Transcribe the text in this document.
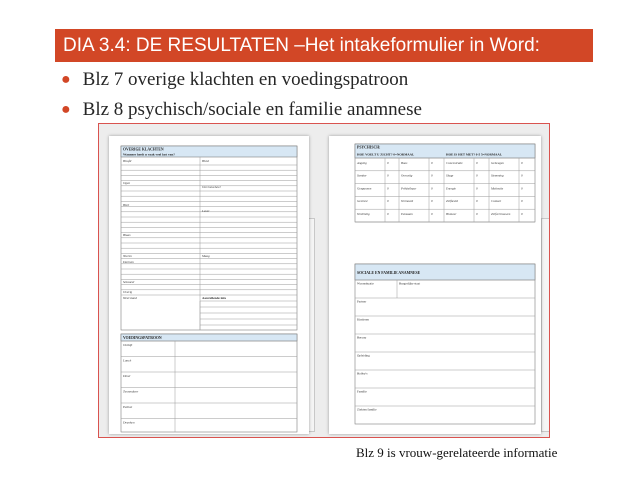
DIA 3.4: DE RESULTATEN –Het intakeformulier in Word:
● Blz 7 overige klachten en voedingspatroon
● Blz 8 psychisch/sociale en familie anamnese
OVERIGE KLACHTEN
Wanneer heeft u vaak veel last van?
Hoofd	Huid
Ogen
Oor/neus/keel
Hart
Lever
Blaas
Nieren	Maag
Darmen
Seksueel
Overig
Weerstand	Aanvullende info
VOEDINGSPATROON
Ontbijt
Lunch
Diner
Tussendoor
Eetlust
Dranken
PSYCHISCH:
HOE VOELT U ZICHT? 0=NORMAAL	HOE IS HET MET? 0-5 5=NORMAAL
Angstig	0	Boos	0	Concentratie	0	Geheugen	0
Somber	0	Onrustig	0	Slaap	0	Stemming	0
Gespannen	0	Prikkelbaar	0	Energie	0	Motivatie	0
Gestrest	0	Vermoeid	0	Zelfbeeld	0	Contact	0
Verdrietig	0	Eenzaam	0	Humeur	0	Zelfvertrouwen	0
SOCIALE EN FAMILIE ANAMNESE
Woonsituatie	Burgerlijke staat
Partner
Kinderen
Beroep
Opleiding
Hobby's
Familie
Ziekten familie
Blz 9 is vrouw-gerelateerde informatie
